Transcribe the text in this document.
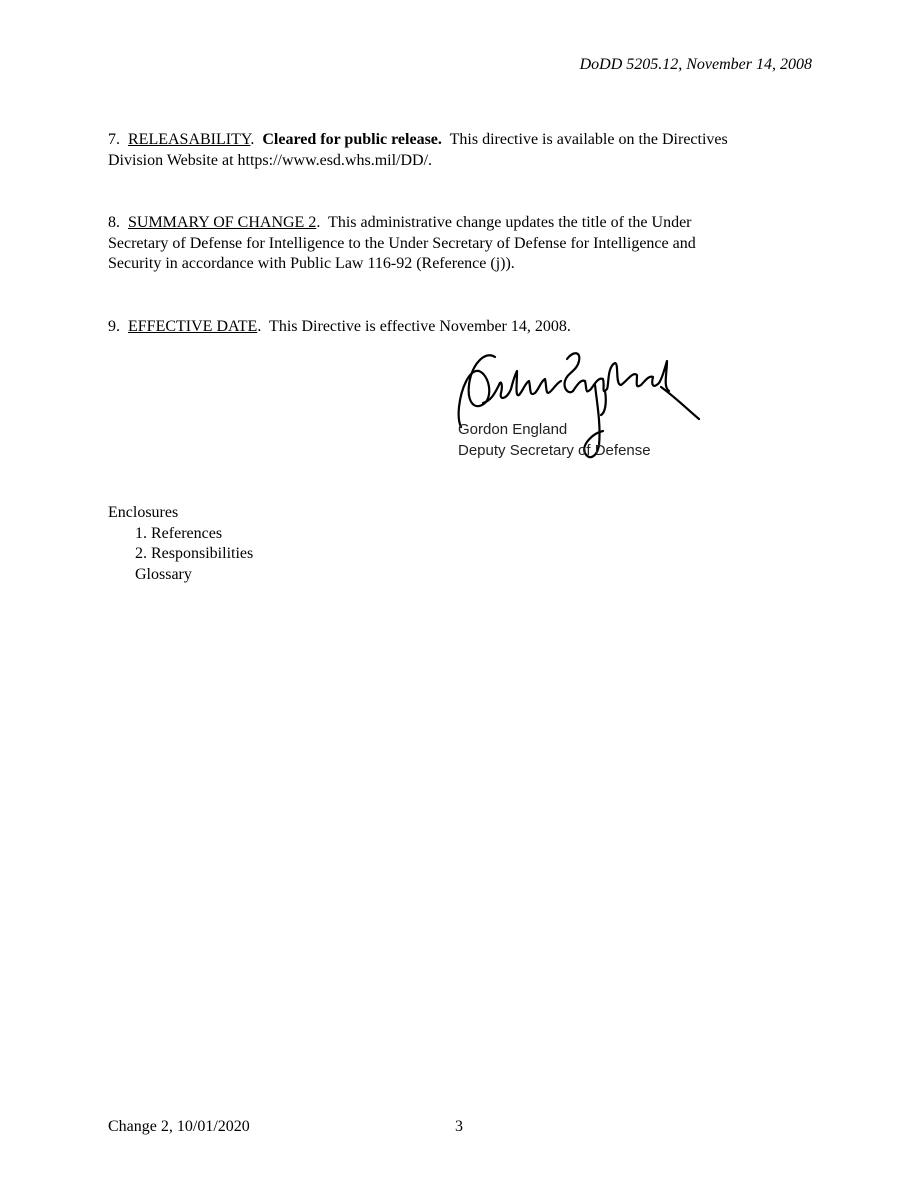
DoDD 5205.12, November 14, 2008

7. RELEASABILITY. Cleared for public release. This directive is available on the Directives

Division Website at https://www.esd.whs.mil/DD/.

8. SUMMARY OF CHANGE 2. This administrative change updates the title of the Under

Secretary of Defense for Intelligence to the Under Secretary of Defense for Intelligence and

Security in accordance with Public Law 116-92 (Reference (j)).

9. EFFECTIVE DATE. This Directive is effective November 14, 2008.

Gordon England
Deputy Secretary of Defense

Enclosures

1. References
2. Responsibilities
Glossary
Change 2, 10/01/2020	3
